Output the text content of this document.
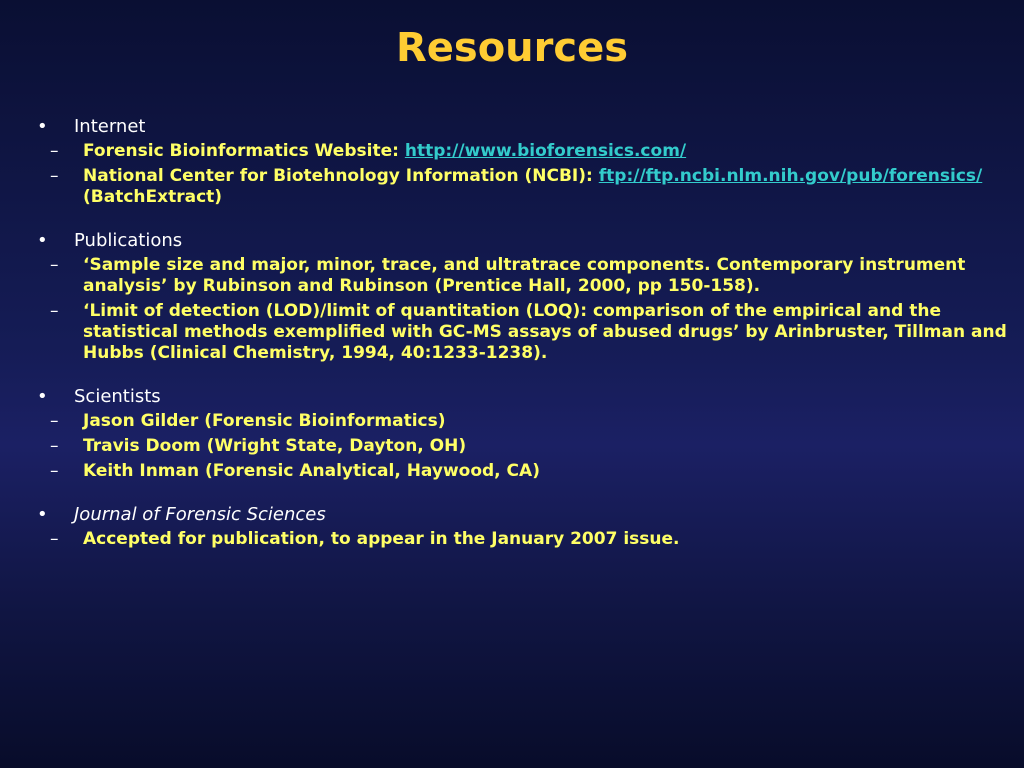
Resources
•	Internet
–	Forensic Bioinformatics Website: http://www.bioforensics.com/
–	National Center for Biotehnology Information (NCBI): ftp://ftp.ncbi.nlm.nih.gov/pub/forensics/ (BatchExtract)
•	Publications
–	‘Sample size and major, minor, trace, and ultratrace components. Contemporary instrument analysis’ by Rubinson and Rubinson (Prentice Hall, 2000, pp 150-158).
–	‘Limit of detection (LOD)/limit of quantitation (LOQ): comparison of the empirical and the statistical methods exemplified with GC-MS assays of abused drugs’ by Arinbruster, Tillman and Hubbs (Clinical Chemistry, 1994, 40:1233-1238).
•	Scientists
–	Jason Gilder (Forensic Bioinformatics)
–	Travis Doom (Wright State, Dayton, OH)
–	Keith Inman (Forensic Analytical, Haywood, CA)
•	Journal of Forensic Sciences
–	Accepted for publication, to appear in the January 2007 issue.
